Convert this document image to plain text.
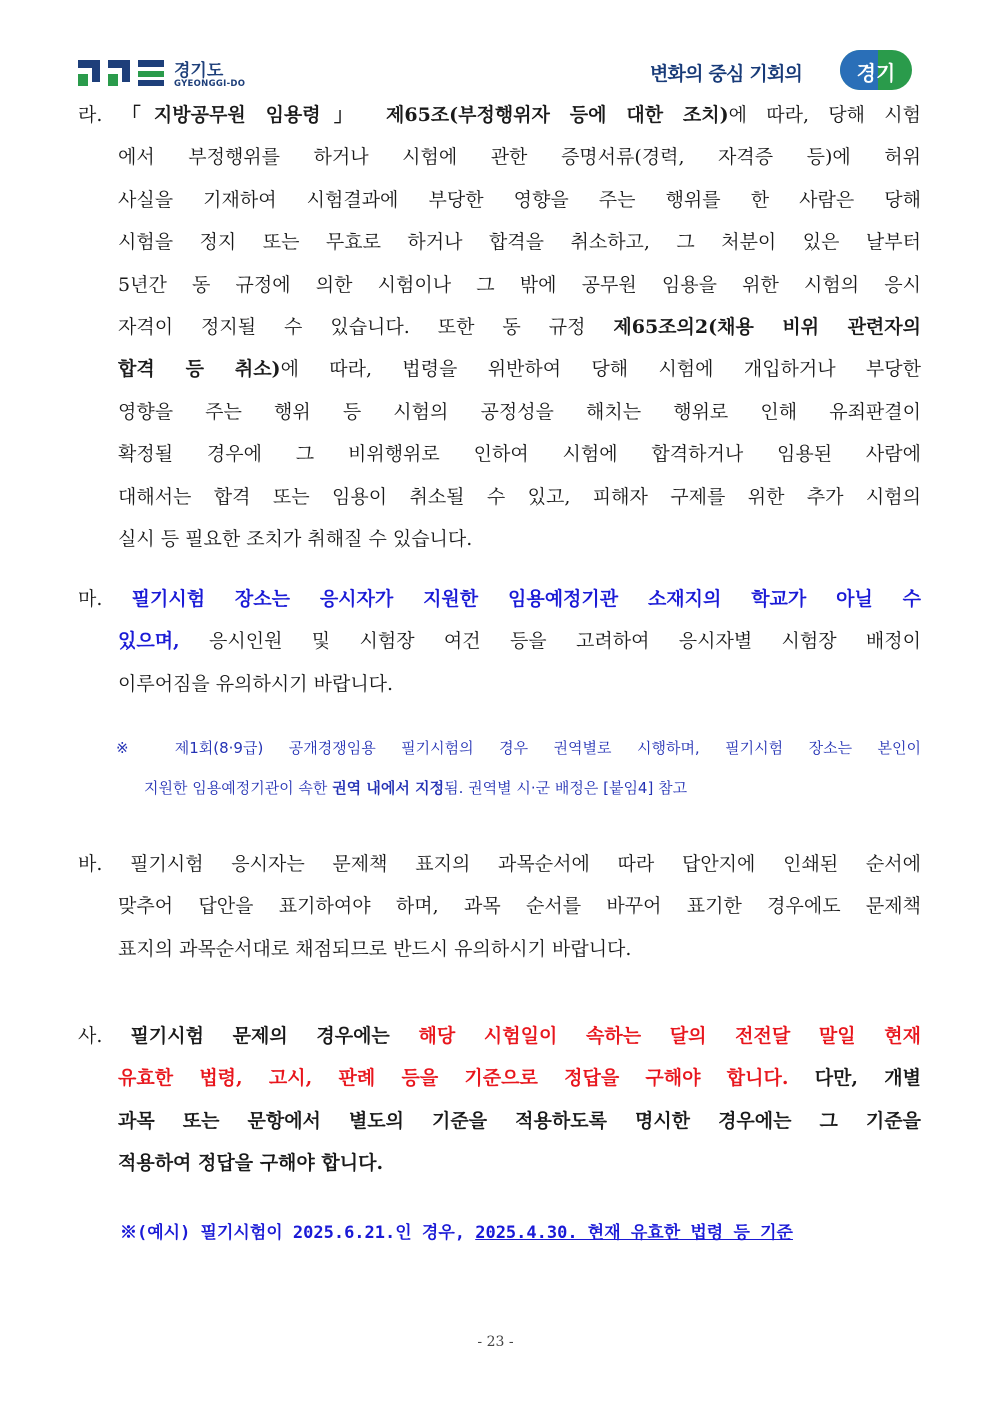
경기도
GYEONGGI-DO	변화의 중심 기회의	경기
라. 「지방공무원 임용령」 제65조(부정행위자 등에 대한 조치)에 따라, 당해 시험
에서 부정행위를 하거나 시험에 관한 증명서류(경력, 자격증 등)에 허위
사실을 기재하여 시험결과에 부당한 영향을 주는 행위를 한 사람은 당해
시험을 정지 또는 무효로 하거나 합격을 취소하고, 그 처분이 있은 날부터
5년간 동 규정에 의한 시험이나 그 밖에 공무원 임용을 위한 시험의 응시
자격이 정지될 수 있습니다. 또한 동 규정 제65조의2(채용 비위 관련자의
합격 등 취소)에 따라, 법령을 위반하여 당해 시험에 개입하거나 부당한
영향을 주는 행위 등 시험의 공정성을 해치는 행위로 인해 유죄판결이
확정될 경우에 그 비위행위로 인하여 시험에 합격하거나 임용된 사람에
대해서는 합격 또는 임용이 취소될 수 있고, 피해자 구제를 위한 추가 시험의
실시 등 필요한 조치가 취해질 수 있습니다.
마. 필기시험 장소는 응시자가 지원한 임용예정기관 소재지의 학교가 아닐 수
있으며, 응시인원 및 시험장 여건 등을 고려하여 응시자별 시험장 배정이
이루어짐을 유의하시기 바랍니다.
※ 제1회(8·9급) 공개경쟁임용 필기시험의 경우 권역별로 시행하며, 필기시험 장소는 본인이
지원한 임용예정기관이 속한 권역 내에서 지정됨. 권역별 시·군 배정은 [붙임4] 참고
바. 필기시험 응시자는 문제책 표지의 과목순서에 따라 답안지에 인쇄된 순서에
맞추어 답안을 표기하여야 하며, 과목 순서를 바꾸어 표기한 경우에도 문제책
표지의 과목순서대로 채점되므로 반드시 유의하시기 바랍니다.
사. 필기시험 문제의 경우에는 해당 시험일이 속하는 달의 전전달 말일 현재
유효한 법령, 고시, 판례 등을 기준으로 정답을 구해야 합니다. 다만, 개별
과목 또는 문항에서 별도의 기준을 적용하도록 명시한 경우에는 그 기준을
적용하여 정답을 구해야 합니다.
※(예시) 필기시험이 2025.6.21.인 경우, 2025.4.30. 현재 유효한 법령 등 기준
- 23 -
